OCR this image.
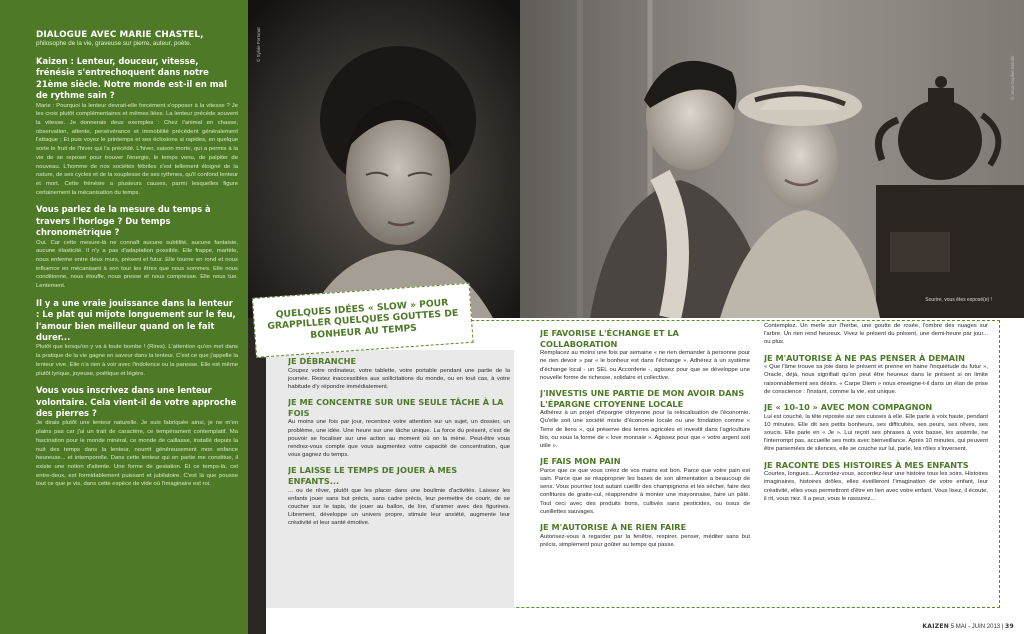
DIALOGUE AVEC MARIE CHASTEL,
philosophe de la vie, graveuse sur pierre, auteur, poète.

Kaizen : Lenteur, douceur, vitesse, frénésie s'entrechoquent dans notre 21ème siècle. Notre monde est-il en mal de rythme sain ?

Marie : Pourquoi la lenteur devrait-elle forcément s'opposer à la vitesse ? Je les crois plutôt complémentaires et mêmes liées. La lenteur précède souvent la vitesse. Je donnerais deux exemples : Chez l'animal en chasse, observation, attente, persévérance et immobilité précèdent généralement l'attaque ; Et puis voyez le printemps et ses éclosions si rapides, en quelque sorte le fruit de l'hiver qui l'a précédé. L'hiver, saison morte, qui a permis à la vie de se reposer pour trouver l'énergie, le temps venu, de palpiter de nouveau. L'homme de nos sociétés fébriles s'est tellement éloigné de la nature, de ses cycles et de la souplesse de ses rythmes, qu'il confond lenteur et mort. Cette frénésie a plusieurs causes, parmi lesquelles figure certainement la mécanisation du temps.

Vous parlez de la mesure du temps à travers l'horloge ? Du temps chronométrique ?

Oui. Car cette mesure-là ne connaît aucune subtilité, aucune fantaisie, aucune élasticité. Il n'y a pas d'adaptation possible. Elle frappe, martèle, nous enferme entre deux murs, présent et futur. Elle tourne en rond et nous influence en mécanisant à son tour les êtres que nous sommes. Elle nous conditionne, nous étouffe, nous presse et nous compresse. Elle nous tue. Lentement.

Il y a une vraie jouissance dans la lenteur : Le plat qui mijote longuement sur le feu, l'amour bien meilleur quand on le fait durer...

Plutôt que lorsqu'on y va à toute bombe ! (Rires). L'attention qu'on met dans la pratique de la vie gagne en saveur dans la lenteur. C'est ce que j'appelle la lenteur vive. Elle n'a rien à voir avec l'indolence ou la paresse. Elle est même plutôt lyrique, joyeuse, poétique et légère.

Vous vous inscrivez dans une lenteur volontaire. Cela vient-il de votre approche des pierres ?

Je dirais plutôt une lenteur naturelle. Je suis fabriquée ainsi, je ne m'en plains pas car j'ai un trait de caractère, ce tempérament contemplatif. Ma fascination pour le monde minéral, ce monde de caillasse, installé depuis la nuit des temps dans la lenteur, nourrit généreusement mon enfance heureuse... et intemporelle. Dans cette lenteur qui en partie me constitue, il existe une notion d'attente. Une forme de gestation. Et ce temps-là, cet entre-deux, est formidablement puissant et jubilatoire. C'est là que pousse tout ce que je vis, dans cette espèce de vide où l'imaginaire est roi.

© Sylvie Fortunat
© Jean-Sophie Moulin
Sourire, vous êtes exposé(e) !
JE DÉBRANCHE

Coupez votre ordinateur, votre tablette, votre portable pendant une partie de la journée. Restez inaccessibles aux sollicitations du monde, ou en tout cas, à votre habitude d'y répondre immédiatement.

JE ME CONCENTRE SUR UNE SEULE TÂCHE À LA FOIS

Au moins une fois par jour, recentrez votre attention sur un sujet, un dossier, un problème, une idée. Une heure sur une tâche unique. La force du présent, c'est de pouvoir se focaliser sur une action au moment où on la mène. Peut-être vous rendrez-vous compte que vous augmentez votre capacité de concentration, que vous gagnez du temps.

JE LAISSE LE TEMPS DE JOUER À MES ENFANTS...

... ou de rêver, plutôt que les placer dans une boulimie d'activités. Laissez les enfants jouer sans but précis, sans cadre précis, leur permettre de courir, de se coucher sur le tapis, de jouer au ballon, de lire, d'animer avec des figurines. Librement, développe un univers propre, stimule leur anxiété, augmente leur créativité et leur santé émotive.

JE FAVORISE L'ÉCHANGE ET LA COLLABORATION

Remplacez au moins une fois par semaine « ne rien demander à personne pour ne rien devoir » par « le bonheur est dans l'échange ». Adhérez à un système d'échange local - un SEL ou Accorderie -, agissez pour que se développe une nouvelle forme de richesse, solidaire et collective.

J'INVESTIS UNE PARTIE DE MON AVOIR DANS L'ÉPARGNE CITOYENNE LOCALE

Adhérez à un projet d'épargne citoyenne pour la relocalisation de l'économie. Qu'elle soit une société mixte d'économie locale ou une fondation comme « Terre de liens », qui préserve des terres agricoles et investit dans l'agriculture bio, ou sous la forme de « love monnaie ». Agissez pour que « votre argent soit utile ».

JE FAIS MON PAIN

Parce que ce que vous créez de vos mains est bon. Parce que votre pain est sain. Parce que se réapproprier les bases de son alimentation a beaucoup de sens. Vous pourriez tout autant cueillir des champignons et les sécher, faire des confitures de gratte-cul, réapprendre à monter une mayonnaise, faire un pâté. Tout ceci avec des produits bons, cultivés sans pesticides, ou issus de cueillettes sauvages.

JE M'AUTORISE À NE RIEN FAIRE

Autorisez-vous à regarder par la fenêtre, respirer, penser, méditer sans but précis, simplement pour goûter au temps qui passe.

Contemplez. Un merle sur l'herbe, une goutte de rosée, l'ombre des nuages sur l'arbre. Un rien rend heureux. Vivez le présent du présent, une demi-heure par jour... ou plus.

JE M'AUTORISE À NE PAS PENSER À DEMAIN

« Que l'âme trouve sa joie dans le présent et prenne en haine l'inquiétude du futur », Oracle, déjà, nous signifiait qu'on peut être heureux dans le présent si on limite raisonnablement ses désirs. « Carpe Diem » nous enseigne-t-il dans un élan de prise de conscience : l'instant, comme la vie, est unique.

JE « 10-10 » AVEC MON COMPAGNON

Lui est couché, la tête reposée sur ses cuisses à elle. Elle parle à voix haute, pendant 10 minutes. Elle dit ses petits bonheurs, ses difficultés, ses peurs, ses rêves, ses soucis. Elle parle en « Je ». Lui reçoit ses phrases à voix basse, les assimile, ne l'interrompt pas, accueille ses mots avec bienveillance. Après 10 minutes, qui peuvent être parsemées de silences, elle se couche sur lui, parle, les rôles s'inversent.

JE RACONTE DES HISTOIRES À MES ENFANTS

Courtes, longues... Accordez-vous, accordez-leur une histoire tous les soirs. Histoires imaginaires, histoires drôles, elles éveilleront l'imagination de votre enfant, leur créativité, elles vous permettront d'être en lien avec votre enfant. Vous lisez, il écoute, il rit, vous riez. Il a peur, vous le rassurez...

QUELQUES IDÉES « SLOW » POUR GRAPPILLER QUELQUES GOUTTES DE BONHEUR AU TEMPS
KAIZEN 5 MAI - JUIN 2013 | 39
